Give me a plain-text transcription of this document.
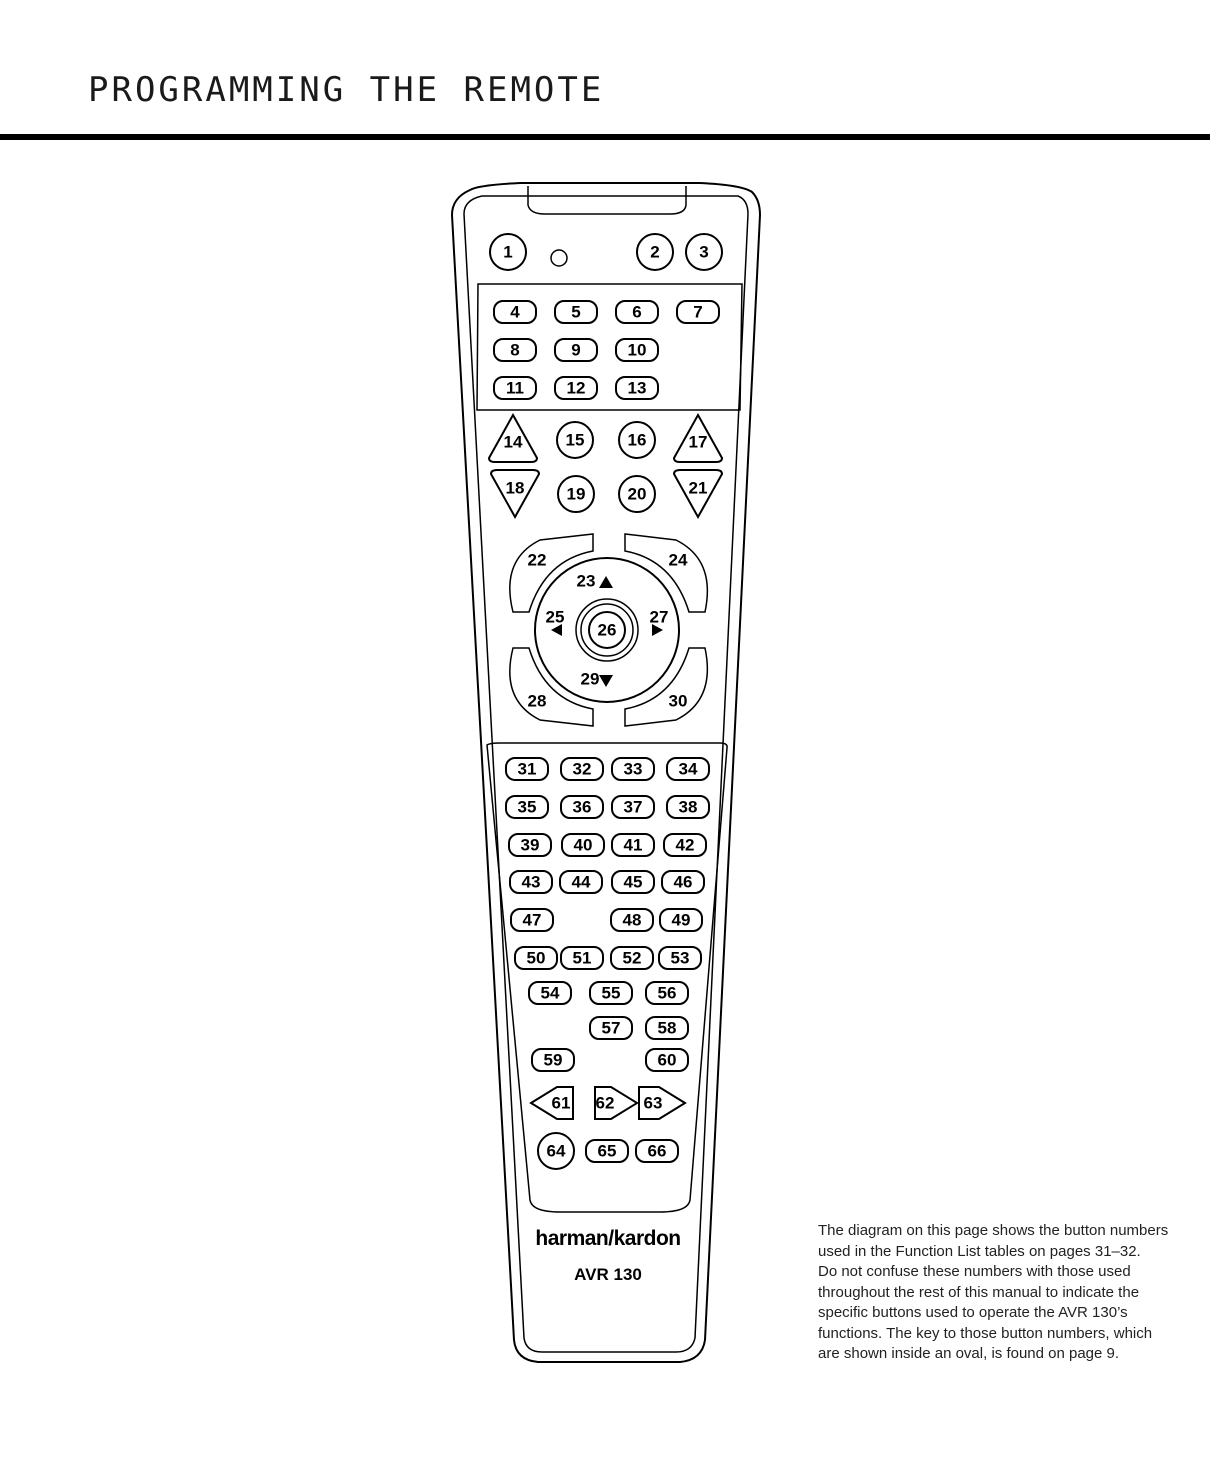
PROGRAMMING THE REMOTE
1	2 3
4	5	6	7
8	9	10
11	12 13
14	15	16 17
18 19 20 21
22
23
24
25
26
27
28
29
30
31 32 33 34
35 36 37 38
39 40 41 42
43 44 45 46
47	48 49
50 51 52 53
54 55 56
57 58
59	60
61 62 63
64 65 66
harman/kardon
AVR 130
The diagram on this page shows the button numbers
used in the Function List tables on pages 31–32.
Do not confuse these numbers with those used
throughout the rest of this manual to indicate the
specific buttons used to operate the AVR 130’s
functions. The key to those button numbers, which
are shown inside an oval, is found on page 9.
